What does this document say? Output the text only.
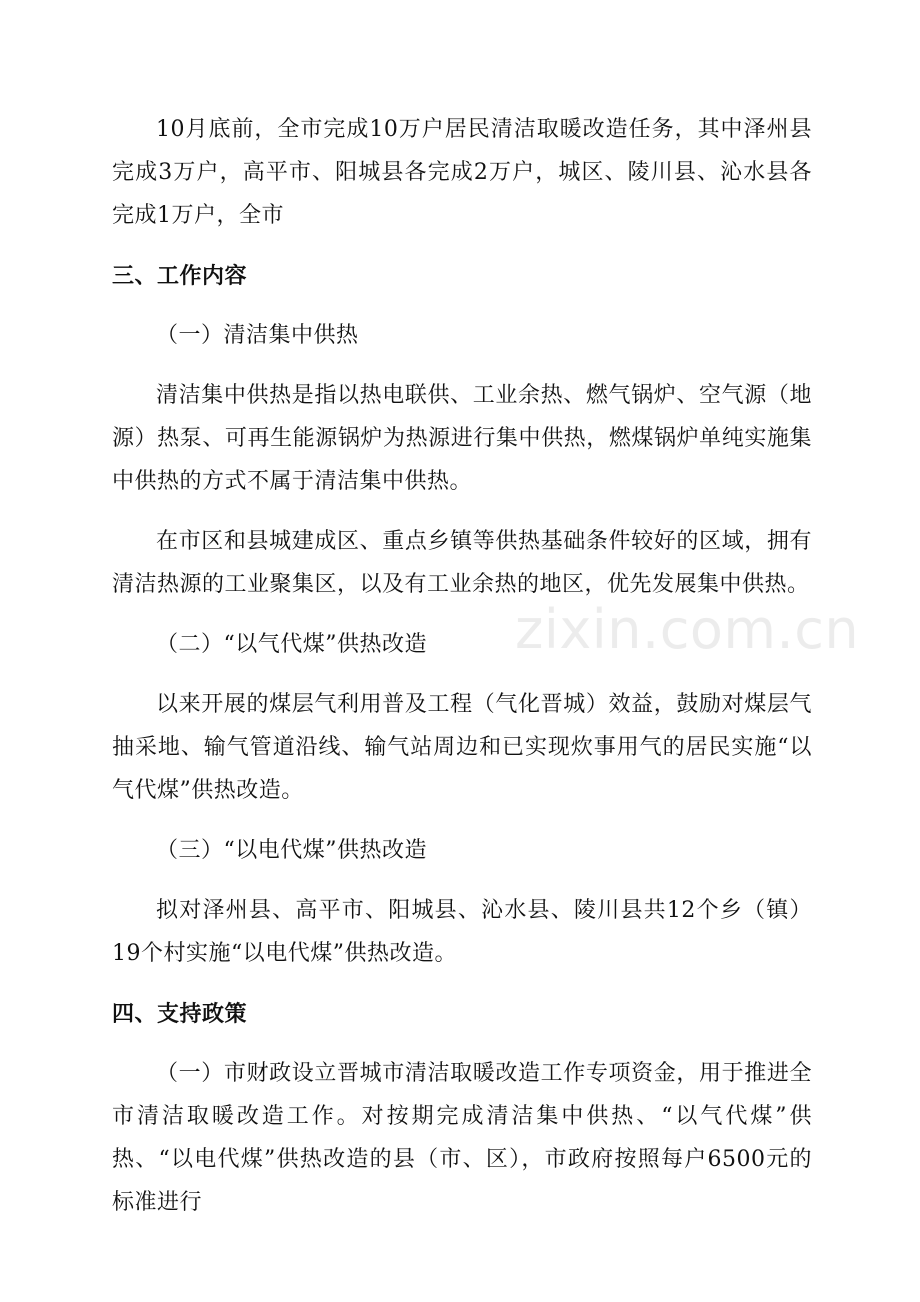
10月底前，全市完成10万户居民清洁取暖改造任务，其中泽州县完成3万户，高平市、阳城县各完成2万户，城区、陵川县、沁水县各完成1万户，全市

三、工作内容

（一）清洁集中供热

清洁集中供热是指以热电联供、工业余热、燃气锅炉、空气源（地源）热泵、可再生能源锅炉为热源进行集中供热，燃煤锅炉单纯实施集中供热的方式不属于清洁集中供热。

在市区和县城建成区、重点乡镇等供热基础条件较好的区域，拥有清洁热源的工业聚集区，以及有工业余热的地区，优先发展集中供热。

（二）“以气代煤”供热改造

以来开展的煤层气利用普及工程（气化晋城）效益，鼓励对煤层气抽采地、输气管道沿线、输气站周边和已实现炊事用气的居民实施“以气代煤”供热改造。

（三）“以电代煤”供热改造

拟对泽州县、高平市、阳城县、沁水县、陵川县共12个乡（镇）19个村实施“以电代煤”供热改造。

四、支持政策

（一）市财政设立晋城市清洁取暖改造工作专项资金，用于推进全市清洁取暖改造工作。对按期完成清洁集中供热、“以气代煤”供热、“以电代煤”供热改造的县（市、区），市政府按照每户6500元的标准进行

zixin.com.cn
